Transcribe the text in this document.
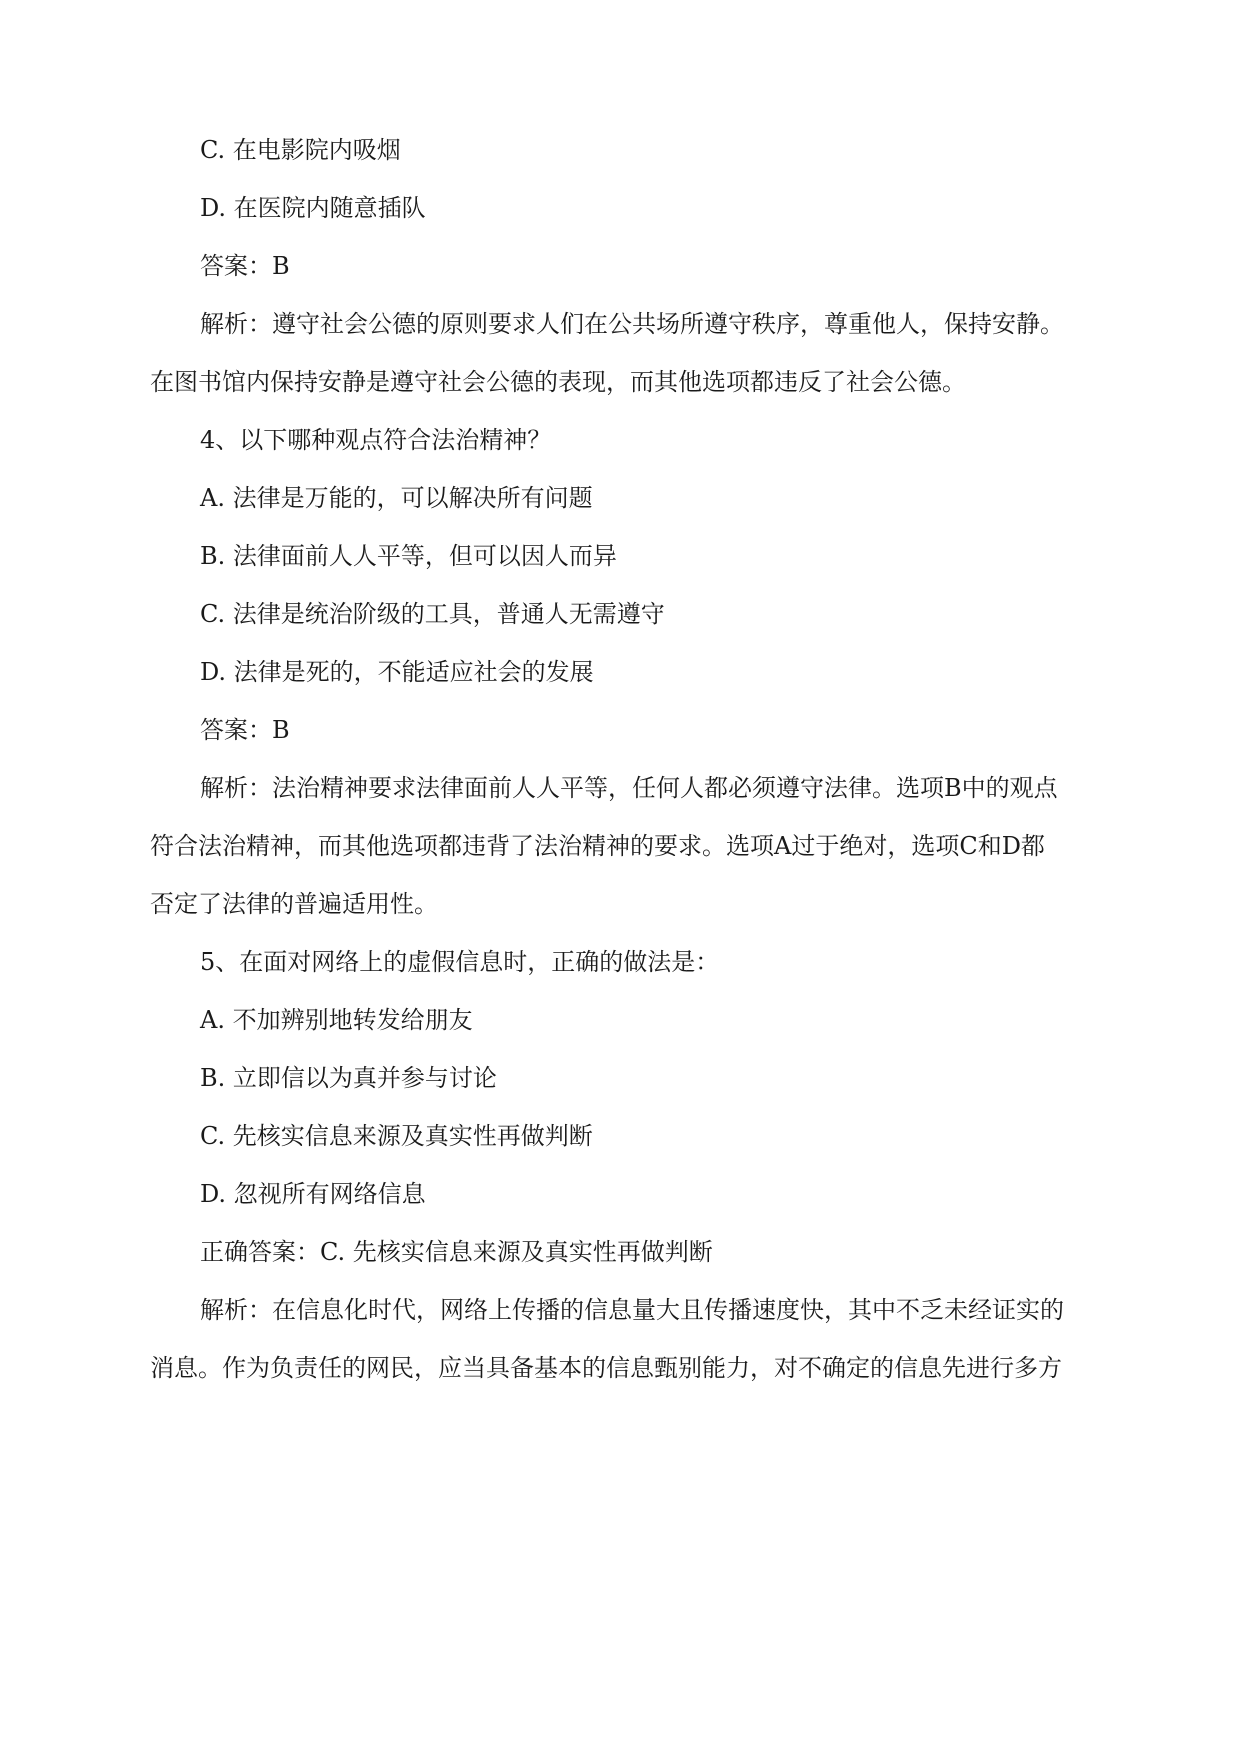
C. 在电影院内吸烟
D. 在医院内随意插队
答案：B
解析：遵守社会公德的原则要求人们在公共场所遵守秩序，尊重他人，保持安静。
在图书馆内保持安静是遵守社会公德的表现，而其他选项都违反了社会公德。
4、以下哪种观点符合法治精神？
A. 法律是万能的，可以解决所有问题
B. 法律面前人人平等，但可以因人而异
C. 法律是统治阶级的工具，普通人无需遵守
D. 法律是死的，不能适应社会的发展
答案：B
解析：法治精神要求法律面前人人平等，任何人都必须遵守法律。选项B中的观点
符合法治精神，而其他选项都违背了法治精神的要求。选项A过于绝对，选项C和D都
否定了法律的普遍适用性。
5、在面对网络上的虚假信息时，正确的做法是：
A. 不加辨别地转发给朋友
B. 立即信以为真并参与讨论
C. 先核实信息来源及真实性再做判断
D. 忽视所有网络信息
正确答案：C. 先核实信息来源及真实性再做判断
解析：在信息化时代，网络上传播的信息量大且传播速度快，其中不乏未经证实的
消息。作为负责任的网民，应当具备基本的信息甄别能力，对不确定的信息先进行多方
